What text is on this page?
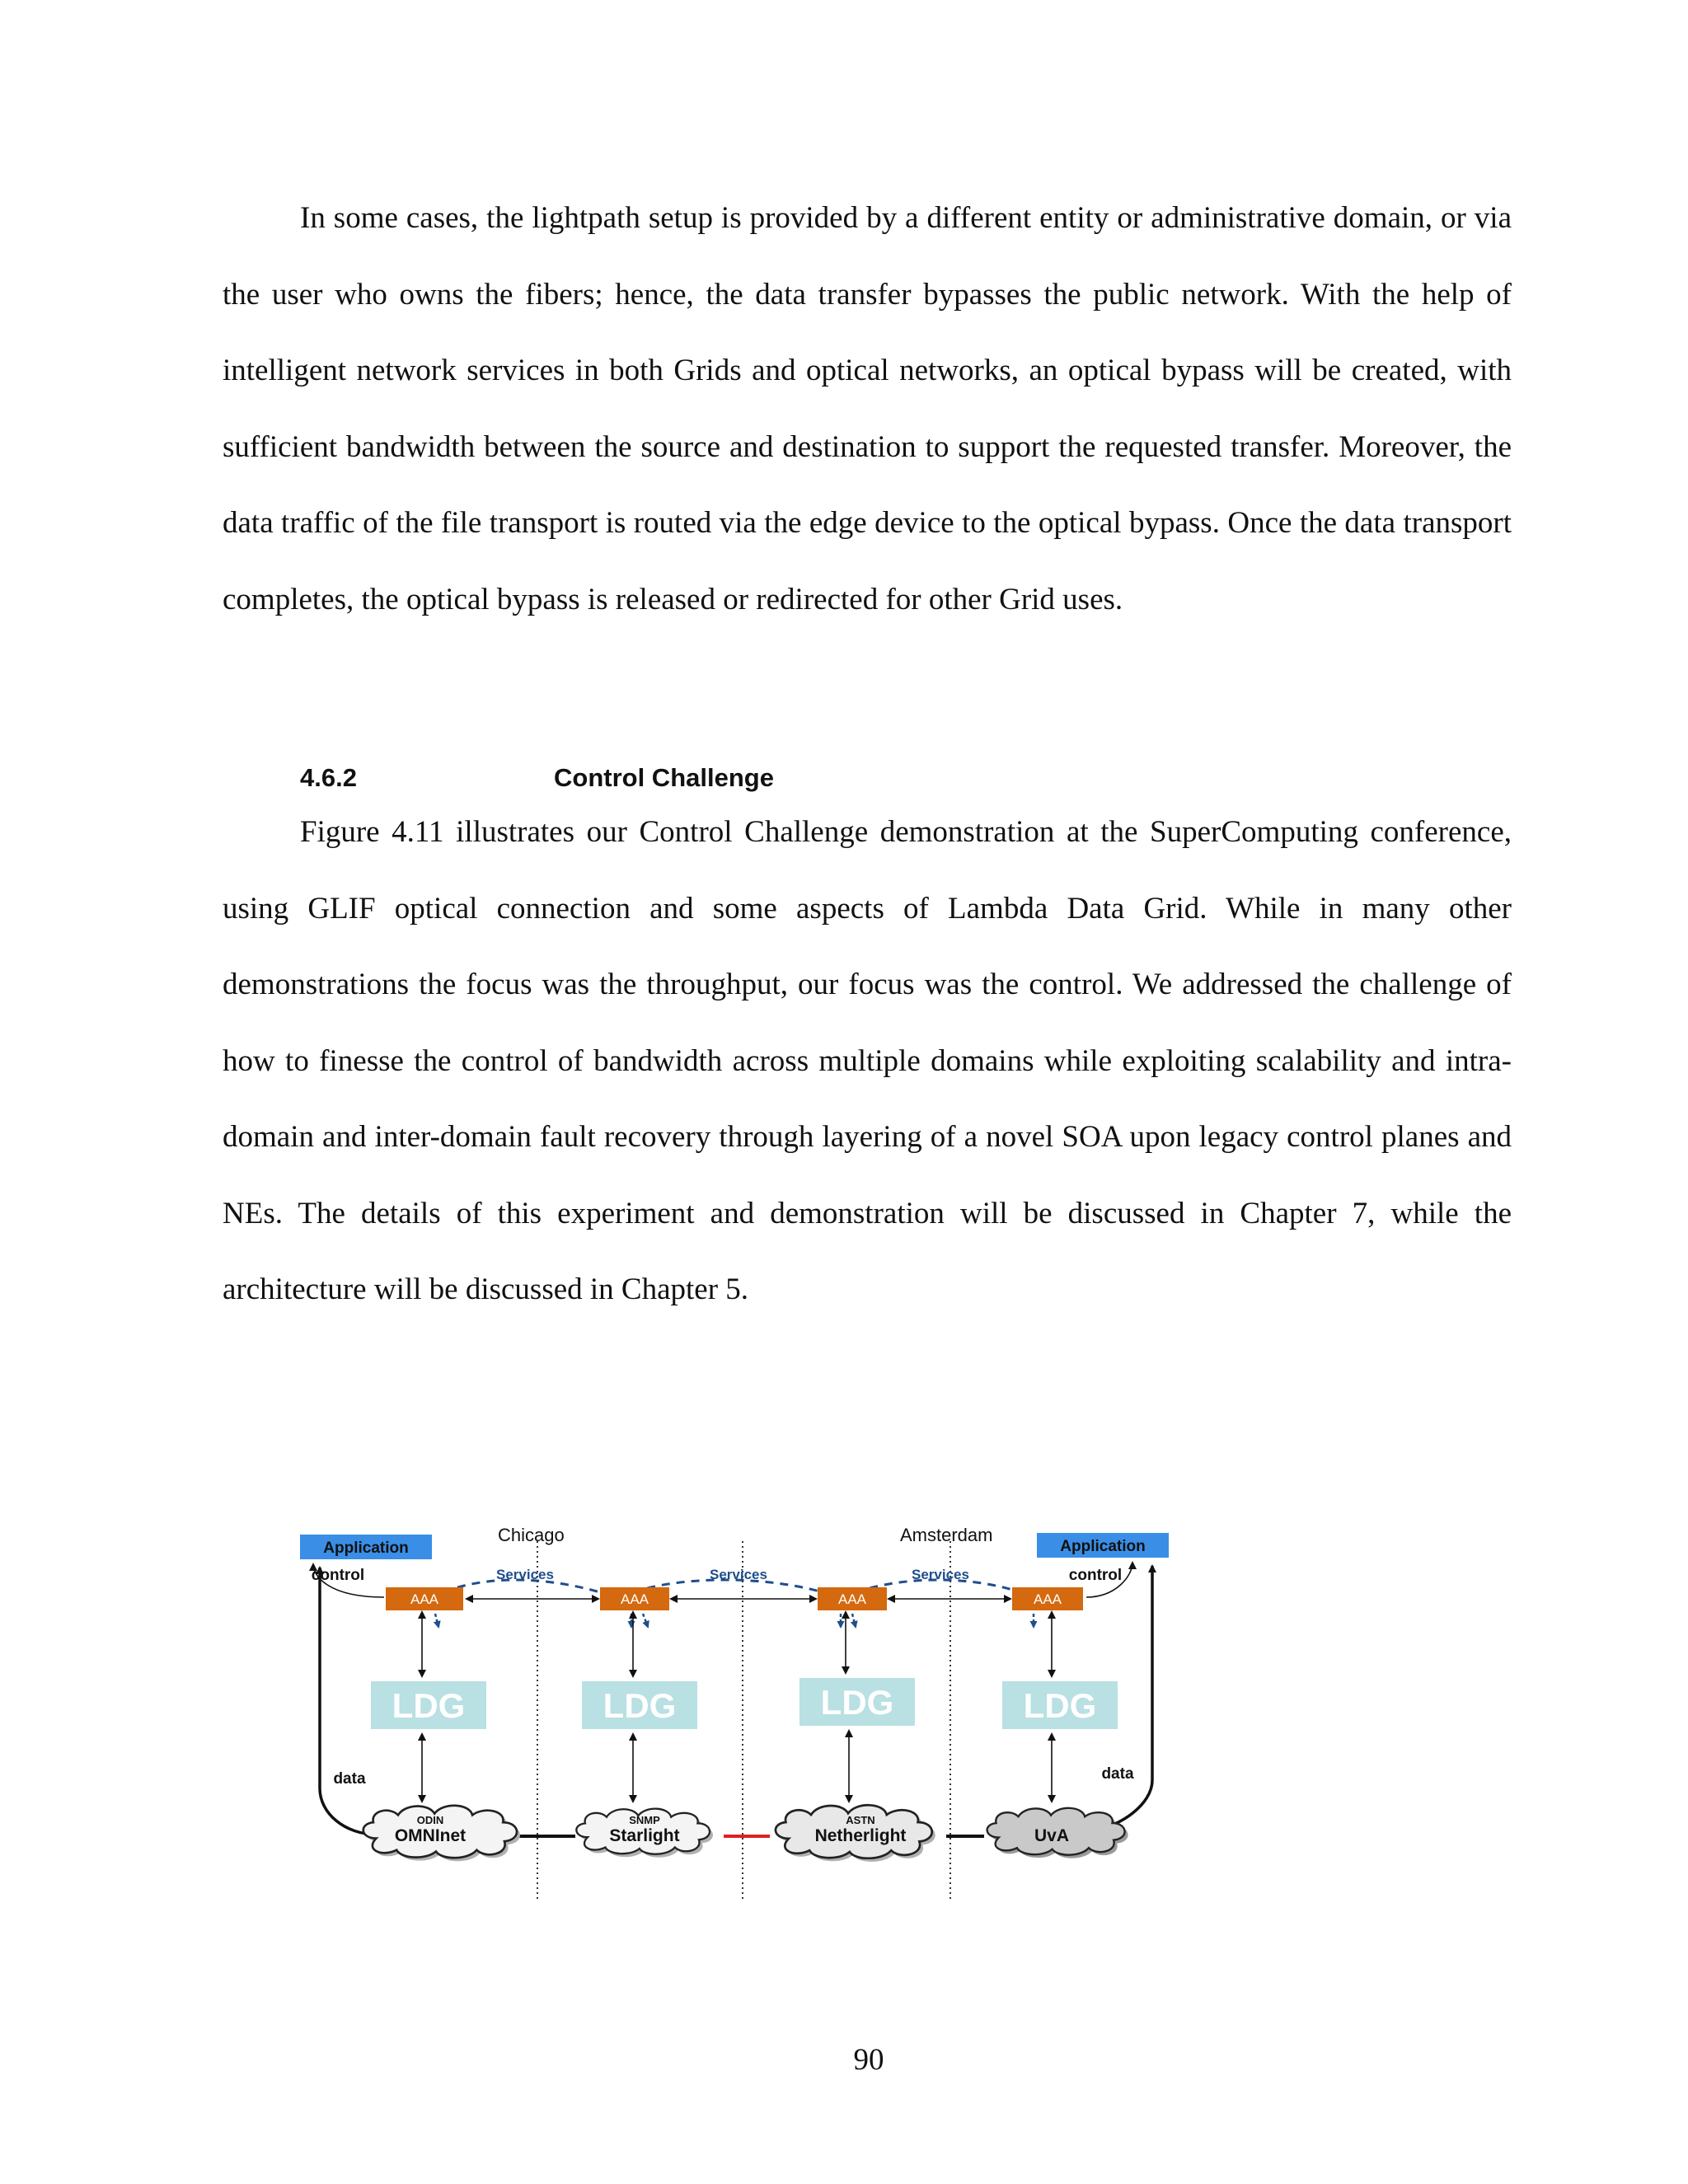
In some cases, the lightpath setup is provided by a different entity or administrative domain, or via the user who owns the fibers; hence, the data transfer bypasses the public network. With the help of intelligent network services in both Grids and optical networks, an optical bypass will be created, with sufficient bandwidth between the source and destination to support the requested transfer. Moreover, the data traffic of the file transport is routed via the edge device to the optical bypass. Once the data transport completes, the optical bypass is released or redirected for other Grid uses.

4.6.2	Control Challenge

Figure 4.11 illustrates our Control Challenge demonstration at the SuperComputing conference, using GLIF optical connection and some aspects of Lambda Data Grid. While in many other demonstrations the focus was the throughput, our focus was the control. We addressed the challenge of how to finesse the control of bandwidth across multiple domains while exploiting scalability and intra-domain and inter-domain fault recovery through layering of a novel SOA upon legacy control planes and NEs. The details of this experiment and demonstration will be discussed in Chapter 7, while the architecture will be discussed in Chapter 5.

Chicago	Amsterdam
Application	Application
control	control
Services	Services	Services
AAA	AAA	AAA	AAA
LDG	LDG	LDG	LDG
data	data
ODIN
OMNInet
SNMP
Starlight
ASTN
Netherlight	UvA
90
